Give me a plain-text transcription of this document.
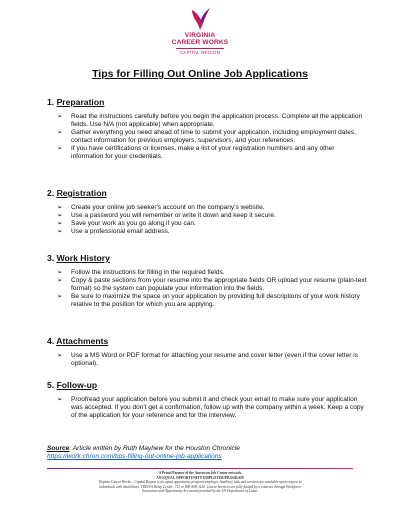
VIRGINIA
CAREER WORKS
CAPITAL REGION
Tips for Filling Out Online Job Applications
1. Preparation
➢ Read the instructions carefully before you begin the application process. Complete all the application fields. Use N/A (not applicable) when appropriate.
➢ Gather everything you need ahead of time to submit your application, including employment dates, contact information for previous employers, supervisors, and your references.
➢ If you have certifications or licenses, make a list of your registration numbers and any other information for your credentials.
2. Registration
➢ Create your online job seeker's account on the company's website.
➢ Use a password you will remember or write it down and keep it secure.
➢ Save your work as you go along if you can.
➢ Use a professional email address.
3. Work History
➢ Follow the instructions for filling in the required fields.
➢ Copy & paste sections from your resume into the appropriate fields OR upload your resume (plain-text format) so the system can populate your information into the fields.
➢ Be sure to maximize the space on your application by providing full descriptions of your work history relative to the position for which you are applying.
4. Attachments
➢ Use a MS Word or PDF format for attaching your resume and cover letter (even if the cover letter is optional).
5. Follow-up
➢ Proofread your application before you submit it and check your email to make sure your application was accepted. If you don't get a confirmation, follow up with the company within a week. Keep a copy of the application for your reference and for the interview.
Source: Article written by Ruth Mayhew for the Houston Chronicle
https://work.chron.com/tips-filling-out-online-job-applications
A Proud Partner of the American Job Center network
AN EQUAL OPPORTUNITY EMPLOYER/PROGRAM
Virginia Career Works – Capital Region is an equal opportunity program/employer. Auxiliary aids and services are available upon request to
individuals with disabilities. TDD/VA Relay Center: 711 or 800-828-1120. Career Services are fully funded by a contract through Workforce
Innovation and Opportunity Act award provided by the US Department of Labor.
